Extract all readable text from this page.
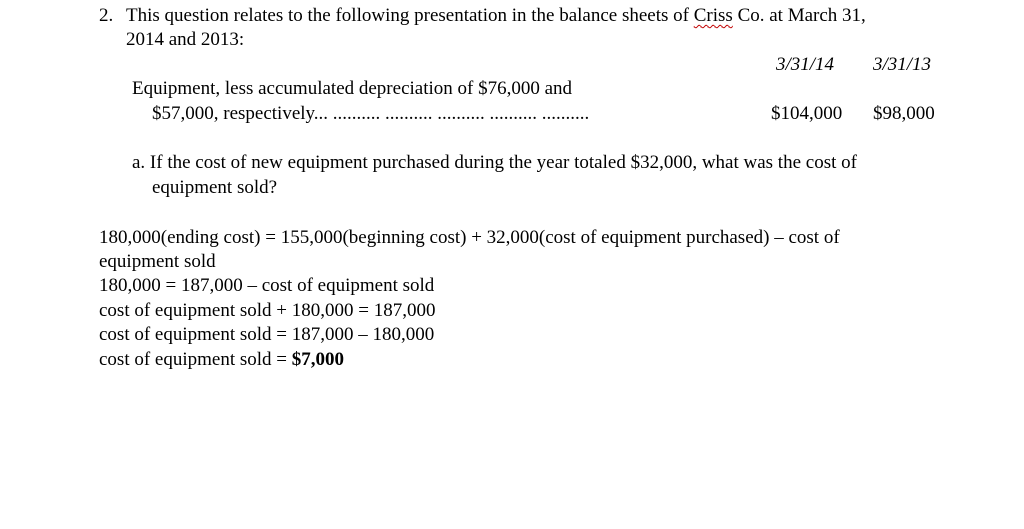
2. This question relates to the following presentation in the balance sheets of Criss Co. at March 31,
2014 and 2013:
3/31/14 3/31/13
Equipment, less accumulated depreciation of $76,000 and
$57,000, respectively... .......... .......... .......... .......... ..........	$104,000 $98,000
a. If the cost of new equipment purchased during the year totaled $32,000, what was the cost of
equipment sold?
180,000(ending cost) = 155,000(beginning cost) + 32,000(cost of equipment purchased) – cost of
equipment sold
180,000 = 187,000 – cost of equipment sold
cost of equipment sold + 180,000 = 187,000
cost of equipment sold = 187,000 – 180,000
cost of equipment sold = $7,000
